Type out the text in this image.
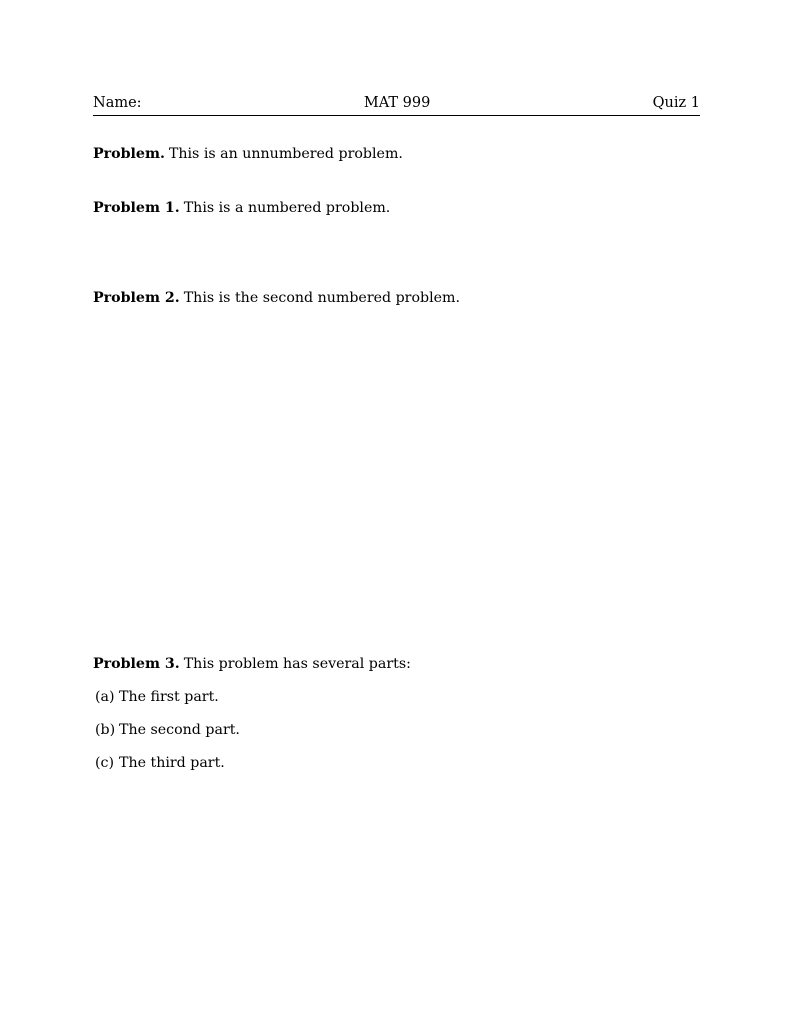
Name:	MAT 999	Quiz 1

Problem. This is an unnumbered problem.

Problem 1. This is a numbered problem.

Problem 2. This is the second numbered problem.

Problem 3. This problem has several parts:

(a) The first part.
(b) The second part.
(c) The third part.
